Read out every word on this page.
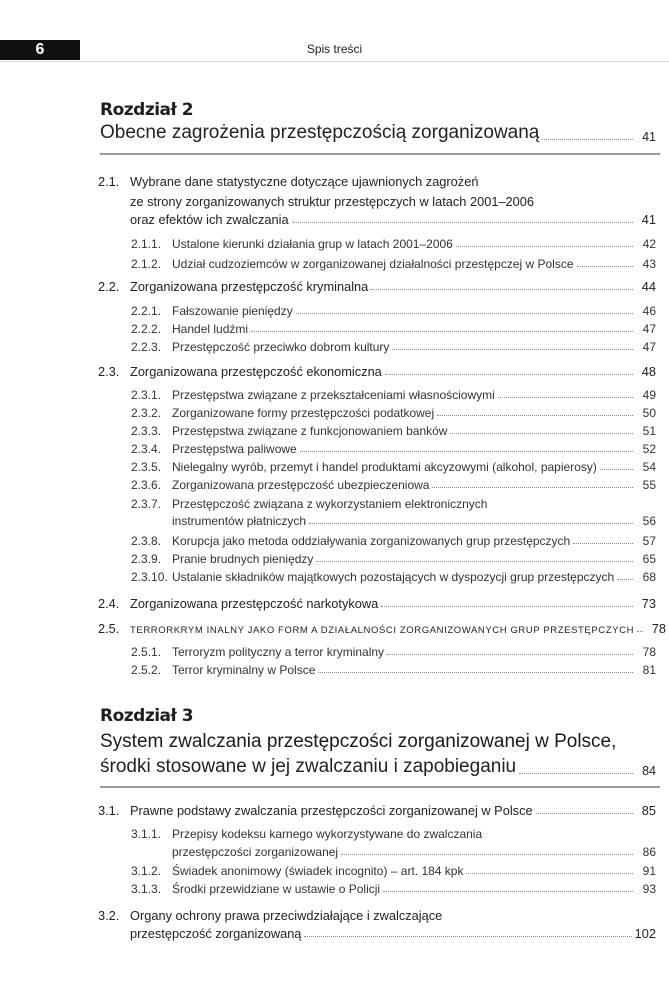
6	Spis treści
Rozdział 2
Obecne zagrożenia przestępczością zorganizowaną	41
2.1. Wybrane dane statystyczne dotyczące ujawnionych zagrożeń
ze strony zorganizowanych struktur przestępczych w latach 2001–2006
oraz efektów ich zwalczania	41
2.1.1. Ustalone kierunki działania grup w latach 2001–2006	42
2.1.2. Udział cudzoziemców w zorganizowanej działalności przestępczej w Polsce	43
2.2. Zorganizowana przestępczość kryminalna	44
2.2.1. Fałszowanie pieniędzy	46
2.2.2. Handel ludźmi	47
2.2.3. Przestępczość przeciwko dobrom kultury	47
2.3. Zorganizowana przestępczość ekonomiczna	48
2.3.1. Przestępstwa związane z przekształceniami własnościowymi	49
2.3.2. Zorganizowane formy przestępczości podatkowej	50
2.3.3. Przestępstwa związane z funkcjonowaniem banków	51
2.3.4. Przestępstwa paliwowe	52
2.3.5. Nielegalny wyrób, przemyt i handel produktami akcyzowymi (alkohol, papierosy)	54
2.3.6. Zorganizowana przestępczość ubezpieczeniowa	55
2.3.7. Przestępczość związana z wykorzystaniem elektronicznych
instrumentów płatniczych	56
2.3.8. Korupcja jako metoda oddziaływania zorganizowanych grup przestępczych	57
2.3.9. Pranie brudnych pieniędzy	65
2.3.10. Ustalanie składników majątkowych pozostających w dyspozycji grup przestępczych	68
2.4. Zorganizowana przestępczość narkotykowa	73
2.5.	TERRORKRYM INALNY JAKO FORM A DZIAŁALNOŚCI ZORGANIZOWANYCH GRUP PRZESTĘPCZYCH	78
2.5.1. Terroryzm polityczny a terror kryminalny	78
2.5.2. Terror kryminalny w Polsce	81
Rozdział 3
System zwalczania przestępczości zorganizowanej w Polsce,
środki stosowane w jej zwalczaniu i zapobieganiu	84
3.1. Prawne podstawy zwalczania przestępczości zorganizowanej w Polsce	85
3.1.1. Przepisy kodeksu karnego wykorzystywane do zwalczania
przestępczości zorganizowanej	86
3.1.2. Świadek anonimowy (świadek incognito) – art. 184 kpk	91
3.1.3. Środki przewidziane w ustawie o Policji	93
3.2. Organy ochrony prawa przeciwdziałające i zwalczające
przestępczość zorganizowaną	102
